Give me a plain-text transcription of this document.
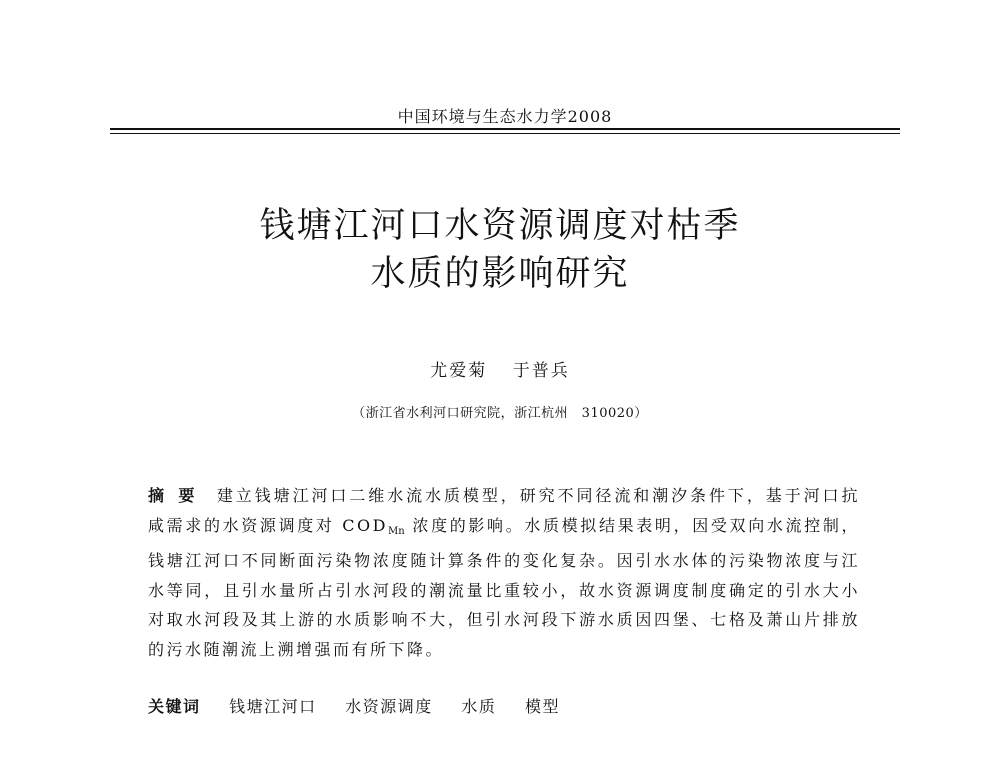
中国环境与生态水力学2008
钱塘江河口水资源调度对枯季
水质的影响研究
尤爱菊 于普兵
（浙江省水利河口研究院，浙江杭州　310020）
摘要 建立钱塘江河口二维水流水质模型，研究不同径流和潮汐条件下，基于河口抗咸需求的水资源调度对 $COD_{Mn}$ 浓度的影响。水质模拟结果表明，因受双向水流控制，钱塘江河口不同断面污染物浓度随计算条件的变化复杂。因引水水体的污染物浓度与江水等同，且引水量所占引水河段的潮流量比重较小，故水资源调度制度确定的引水大小对取水河段及其上游的水质影响不大，但引水河段下游水质因四堡、七格及萧山片排放的污水随潮流上溯增强而有所下降。
关键词 钱塘江河口 水资源调度 水质 模型
